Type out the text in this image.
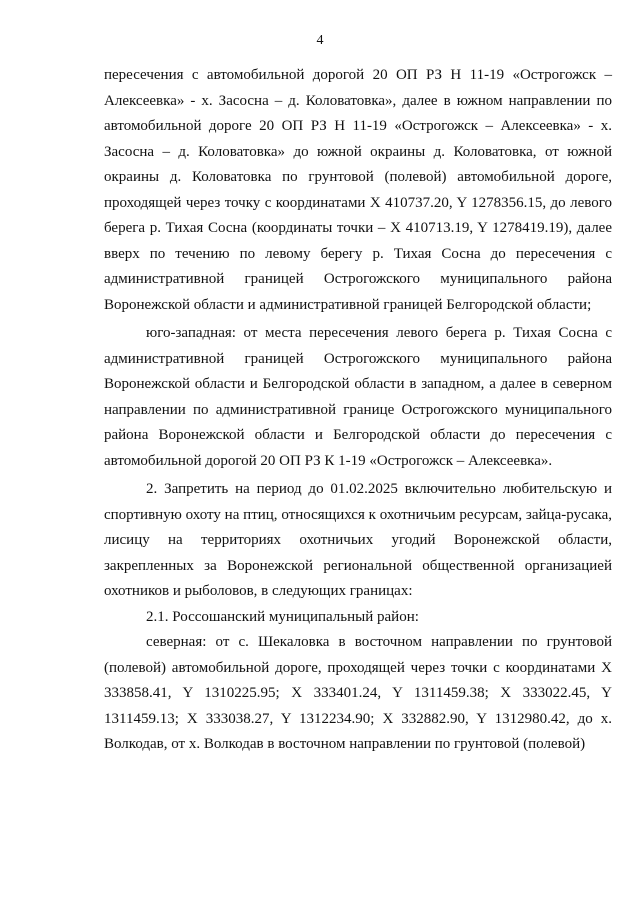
4

пересечения с автомобильной дорогой 20 ОП РЗ Н 11-19 «Острогожск – Алексеевка» - х. Засосна – д. Коловатовка», далее в южном направлении по автомобильной дороге 20 ОП РЗ Н 11-19 «Острогожск – Алексеевка» - х. Засосна – д. Коловатовка» до южной окраины д. Коловатовка, от южной окраины д. Коловатовка по грунтовой (полевой) автомобильной дороге, проходящей через точку с координатами X 410737.20, Y 1278356.15, до левого берега р. Тихая Сосна (координаты точки – X 410713.19, Y 1278419.19), далее вверх по течению по левому берегу р. Тихая Сосна до пересечения с административной границей Острогожского муниципального района Воронежской области и административной границей Белгородской области;

юго-западная: от места пересечения левого берега р. Тихая Сосна с административной границей Острогожского муниципального района Воронежской области и Белгородской области в западном, а далее в северном направлении по административной границе Острогожского муниципального района Воронежской области и Белгородской области до пересечения с автомобильной дорогой 20 ОП РЗ К 1-19 «Острогожск – Алексеевка».

2. Запретить на период до 01.02.2025 включительно любительскую и спортивную охоту на птиц, относящихся к охотничьим ресурсам, зайца-русака, лисицу на территориях охотничьих угодий Воронежской области, закрепленных за Воронежской региональной общественной организацией охотников и рыболовов, в следующих границах:

2.1. Россошанский муниципальный район:

северная: от с. Шекаловка в восточном направлении по грунтовой (полевой) автомобильной дороге, проходящей через точки с координатами X 333858.41, Y 1310225.95; X 333401.24, Y 1311459.38; X 333022.45, Y 1311459.13; X 333038.27, Y 1312234.90; X 332882.90, Y 1312980.42, до х. Волкодав, от х. Волкодав в восточном направлении по грунтовой (полевой)
